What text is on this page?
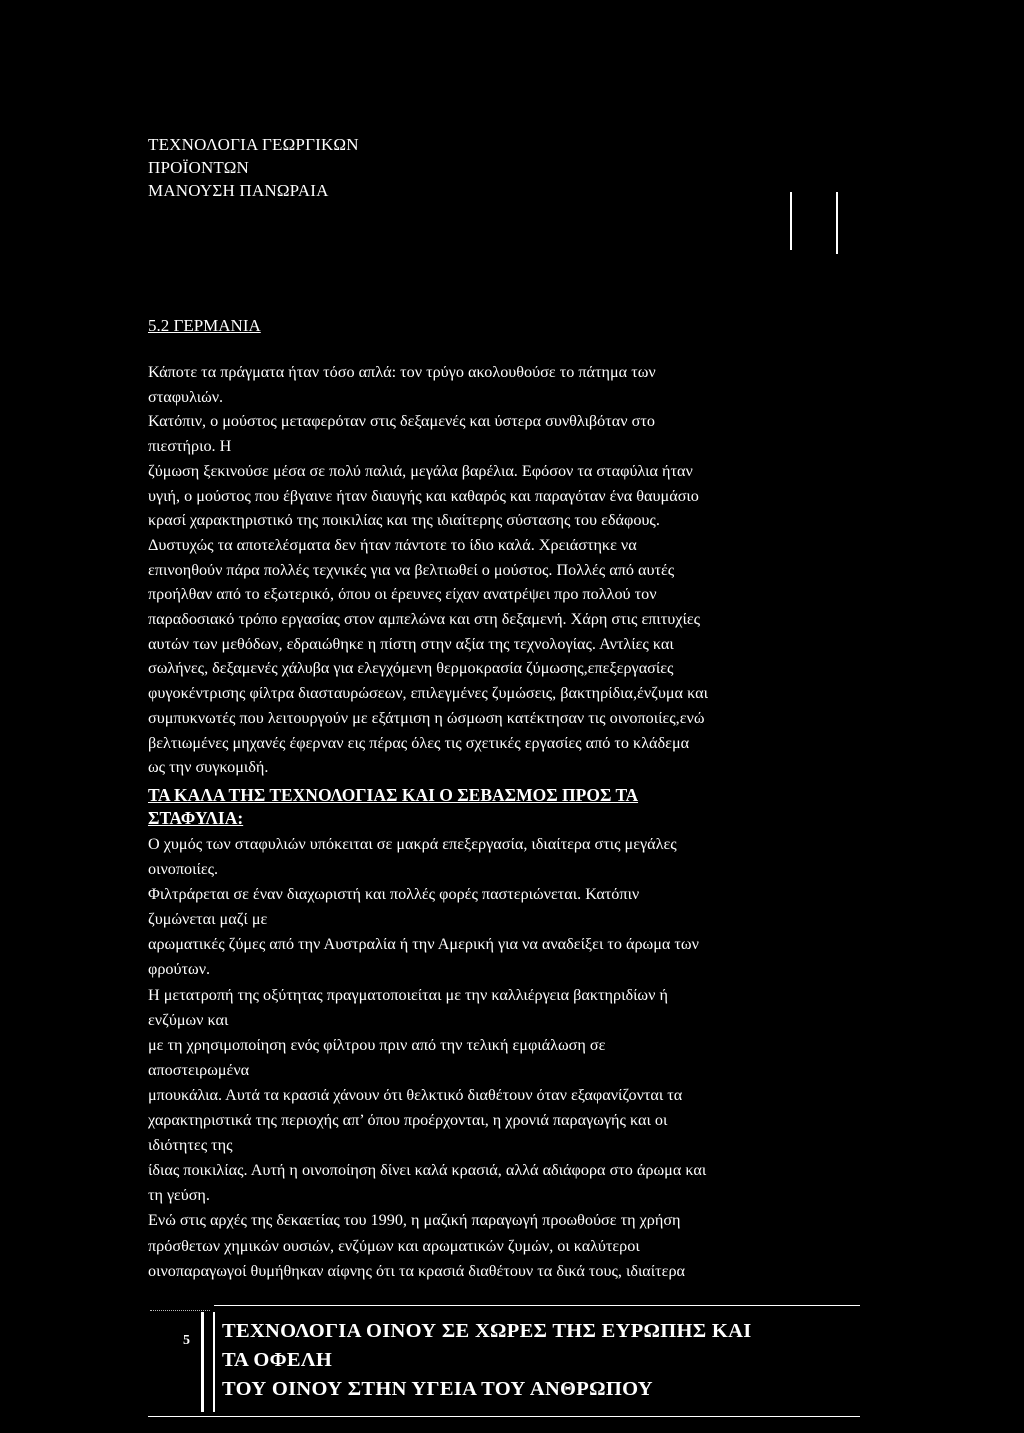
ΤΕΧΝΟΛΟΓΙΑ ΓΕΩΡΓΙΚΩΝ
ΠΡΟΪΟΝΤΩΝ
ΜΑΝΟΥΣΗ ΠΑΝΩΡΑΙΑ
5.2 ΓΕΡΜΑΝΙΑ

Κάποτε τα πράγματα ήταν τόσο απλά: τον τρύγο ακολουθούσε το πάτημα των

σταφυλιών.

Κατόπιν, ο μούστος μεταφερόταν στις δεξαμενές και ύστερα συνθλιβόταν στο

πιεστήριο. Η

ζύμωση ξεκινούσε μέσα σε πολύ παλιά, μεγάλα βαρέλια. Εφόσον τα σταφύλια ήταν

υγιή, ο μούστος που έβγαινε ήταν διαυγής και καθαρός και παραγόταν ένα θαυμάσιο

κρασί χαρακτηριστικό της ποικιλίας και της ιδιαίτερης σύστασης του εδάφους.

Δυστυχώς τα αποτελέσματα δεν ήταν πάντοτε το ίδιο καλά. Χρειάστηκε να

επινοηθούν πάρα πολλές τεχνικές για να βελτιωθεί ο μούστος. Πολλές από αυτές

προήλθαν από το εξωτερικό, όπου οι έρευνες είχαν ανατρέψει προ πολλού τον

παραδοσιακό τρόπο εργασίας στον αμπελώνα και στη δεξαμενή. Χάρη στις επιτυχίες

αυτών των μεθόδων, εδραιώθηκε η πίστη στην αξία της τεχνολογίας. Αντλίες και

σωλήνες, δεξαμενές χάλυβα για ελεγχόμενη θερμοκρασία ζύμωσης,επεξεργασίες

φυγοκέντρισης φίλτρα διασταυρώσεων, επιλεγμένες ζυμώσεις, βακτηρίδια,ένζυμα και

συμπυκνωτές που λειτουργούν με εξάτμιση η ώσμωση κατέκτησαν τις οινοποιίες,ενώ

βελτιωμένες μηχανές έφερναν εις πέρας όλες τις σχετικές εργασίες από το κλάδεμα

ως την συγκομιδή.

ΤΑ ΚΑΛΑ ΤΗΣ ΤΕΧΝΟΛΟΓΙΑΣ ΚΑΙ Ο ΣΕΒΑΣΜΟΣ ΠΡΟΣ ΤΑ
ΣΤΑΦΥΛΙΑ:

Ο χυμός των σταφυλιών υπόκειται σε μακρά επεξεργασία, ιδιαίτερα στις μεγάλες

οινοποιίες.

Φιλτράρεται σε έναν διαχωριστή και πολλές φορές παστεριώνεται. Κατόπιν

ζυμώνεται μαζί με

αρωματικές ζύμες από την Αυστραλία ή την Αμερική για να αναδείξει το άρωμα των

φρούτων.

Η μετατροπή της οξύτητας πραγματοποιείται με την καλλιέργεια βακτηριδίων ή

ενζύμων και

με τη χρησιμοποίηση ενός φίλτρου πριν από την τελική εμφιάλωση σε

αποστειρωμένα

μπουκάλια. Αυτά τα κρασιά χάνουν ότι θελκτικό διαθέτουν όταν εξαφανίζονται τα

χαρακτηριστικά της περιοχής απ’ όπου προέρχονται, η χρονιά παραγωγής και οι

ιδιότητες της

ίδιας ποικιλίας. Αυτή η οινοποίηση δίνει καλά κρασιά, αλλά αδιάφορα στο άρωμα και

τη γεύση.

Ενώ στις αρχές της δεκαετίας του 1990, η μαζική παραγωγή προωθούσε τη χρήση

πρόσθετων χημικών ουσιών, ενζύμων και αρωματικών ζυμών, οι καλύτεροι

οινοπαραγωγοί θυμήθηκαν αίφνης ότι τα κρασιά διαθέτουν τα δικά τους, ιδιαίτερα

5 ΤΕΧΝΟΛΟΓΙΑ ΟΙΝΟΥ ΣΕ ΧΩΡΕΣ ΤΗΣ ΕΥΡΩΠΗΣ ΚΑΙ
ΤΑ ΟΦΕΛΗ
ΤΟΥ ΟΙΝΟΥ ΣΤΗΝ ΥΓΕΙΑ ΤΟΥ ΑΝΘΡΩΠΟΥ
